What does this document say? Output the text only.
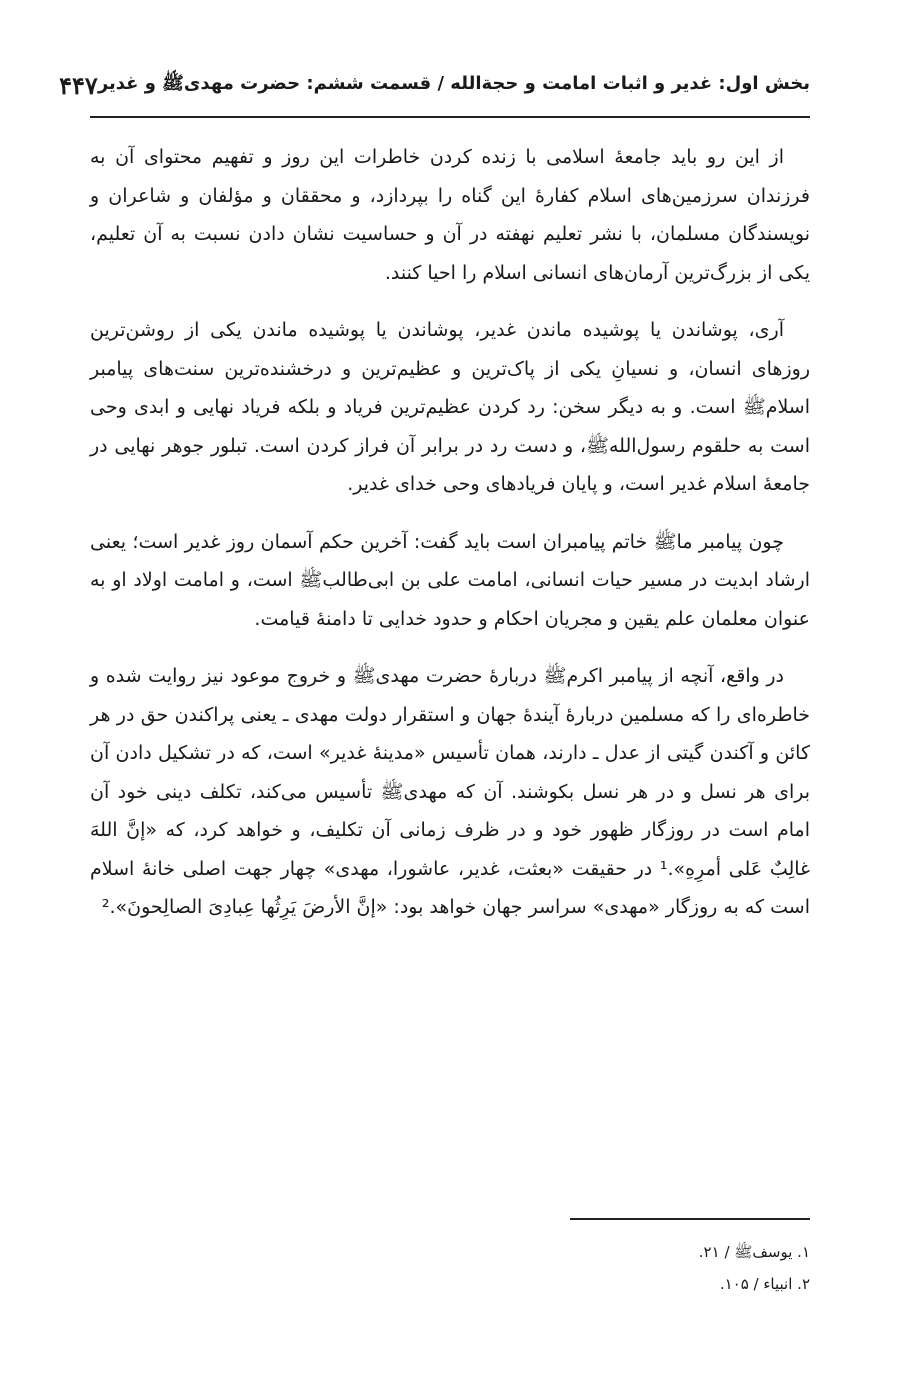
بخش اول: غدیر و اثبات امامت و حجةالله / قسمت ششم: حضرت مهدیﷺ و غدیر
۴۴۷

از این رو باید جامعۀ اسلامی با زنده کردن خاطرات این روز و تفهیم محتوای آن به فرزندان سرزمین‌های اسلام کفارۀ این گناه را بپردازد، و محققان و مؤلفان و شاعران و نویسندگان مسلمان، با نشر تعلیم نهفته در آن و حساسیت نشان دادن نسبت به آن تعلیم، یکی از بزرگ‌ترین آرمان‌های انسانی اسلام را احیا کنند.

آری، پوشاندن یا پوشیده ماندن غدیر، پوشاندن یا پوشیده ماندن یکی از روشن‌ترین روزهای انسان، و نسیانِ یکی از پاک‌ترین و عظیم‌ترین و درخشنده‌ترین سنت‌های پیامبر اسلامﷺ است. و به دیگر سخن: رد کردن عظیم‌ترین فریاد و بلکه فریاد نهایی و ابدی وحی است به حلقوم رسول‌اللهﷺ، و دست رد در برابر آن فراز کردن است. تبلور جوهر نهایی در جامعۀ اسلام غدیر است، و پایان فریادهای وحی خدای غدیر.

چون پیامبر ماﷺ خاتم پیامبران است باید گفت: آخرین حکم آسمان روز غدیر است؛ یعنی ارشاد ابدیت در مسیر حیات انسانی، امامت علی بن ابی‌طالبﷺ است، و امامت اولاد او به عنوان معلمان علم یقین و مجریان احکام و حدود خدایی تا دامنۀ قیامت.

در واقع، آنچه از پیامبر اکرمﷺ دربارۀ حضرت مهدیﷺ و خروج موعود نیز روایت شده و خاطره‌ای را که مسلمین دربارۀ آیندۀ جهان و استقرار دولت مهدی ـ یعنی پراکندن حق در هر کائن و آکندن گیتی از عدل ـ دارند، همان تأسیس «مدینۀ غدیر» است، که در تشکیل دادن آن برای هر نسل و در هر نسل بکوشند. آن که مهدیﷺ تأسیس می‌کند، تکلف دینی خود آن امام است در روزگار ظهور خود و در ظرف زمانی آن تکلیف، و خواهد کرد، که «إنَّ اللهَ غالِبٌ عَلی أمرِهِ».¹ در حقیقت «بعثت، غدیر، عاشورا، مهدی» چهار جهت اصلی خانۀ اسلام است که به روزگار «مهدی» سراسر جهان خواهد بود: «إنَّ الأرضَ یَرِثُها عِبادِیَ الصالِحونَ».²

۱. یوسفﷺ / ۲۱.

۲. انبیاء / ۱۰۵.
